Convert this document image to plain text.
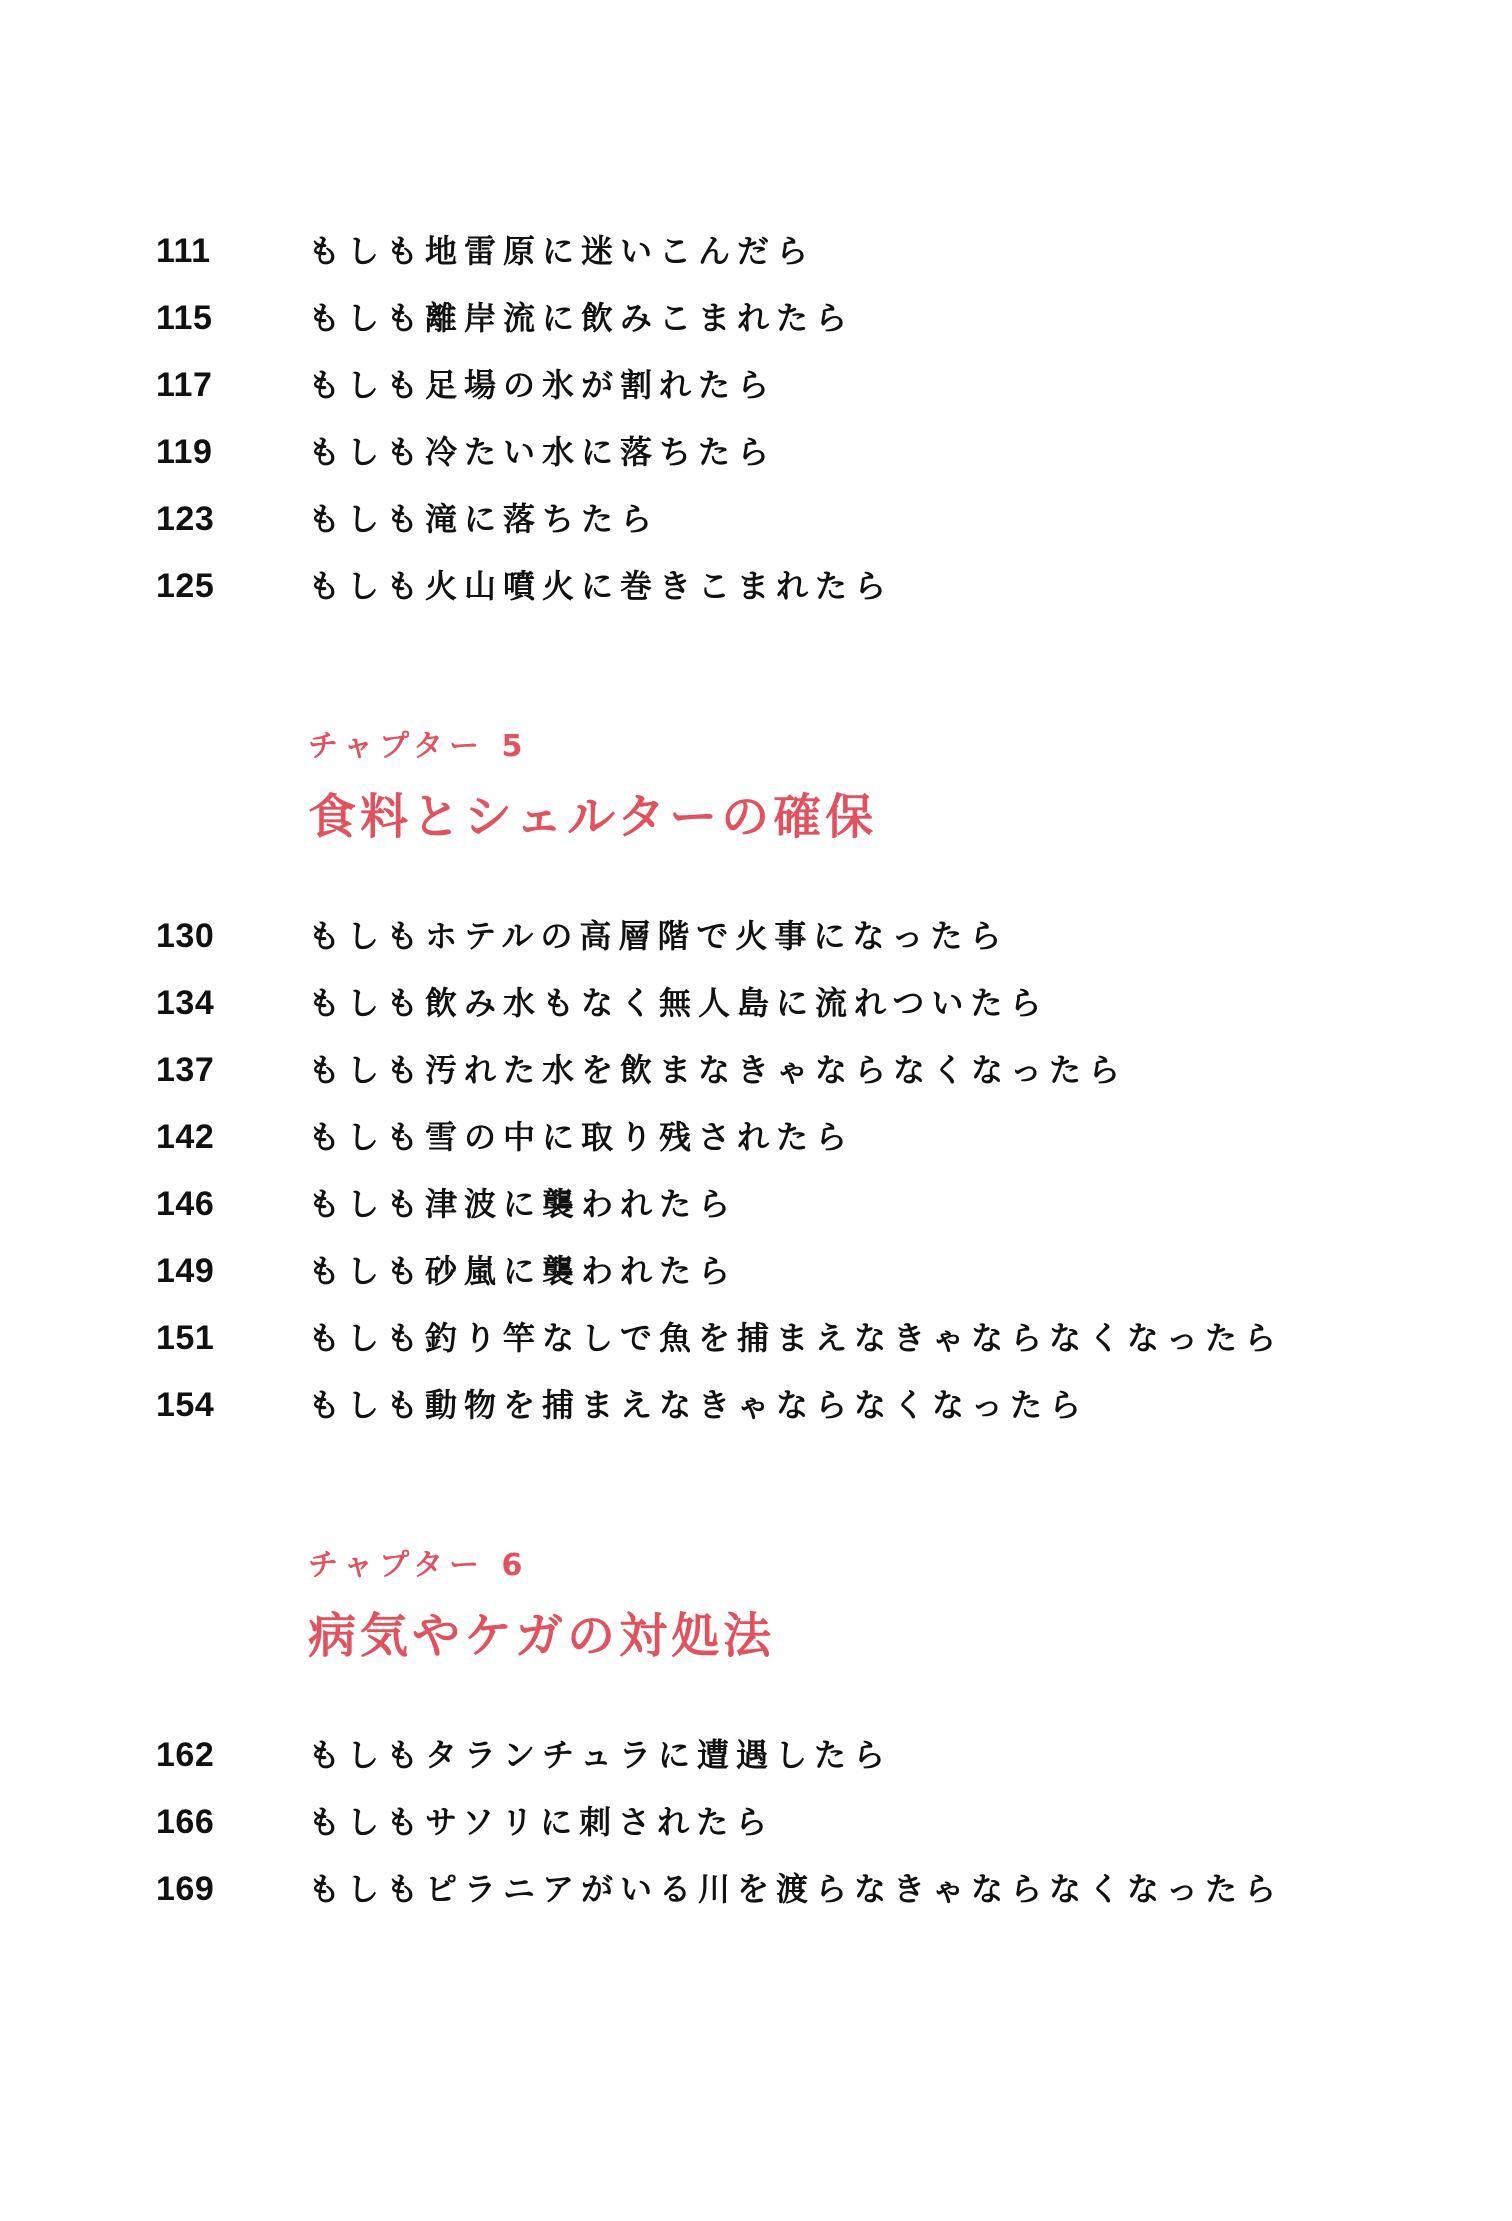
111	もしも地雷原に迷いこんだら
115	もしも離岸流に飲みこまれたら
117	もしも足場の氷が割れたら
119	もしも冷たい水に落ちたら
123	もしも滝に落ちたら
125	もしも火山噴火に巻きこまれたら
チャプター 5
食料とシェルターの確保
130	もしもホテルの高層階で火事になったら
134	もしも飲み水もなく無人島に流れついたら
137	もしも汚れた水を飲まなきゃならなくなったら
142	もしも雪の中に取り残されたら
146	もしも津波に襲われたら
149	もしも砂嵐に襲われたら
151	もしも釣り竿なしで魚を捕まえなきゃならなくなったら
154	もしも動物を捕まえなきゃならなくなったら
チャプター 6
病気やケガの対処法
162	もしもタランチュラに遭遇したら
166	もしもサソリに刺されたら
169	もしもピラニアがいる川を渡らなきゃならなくなったら
